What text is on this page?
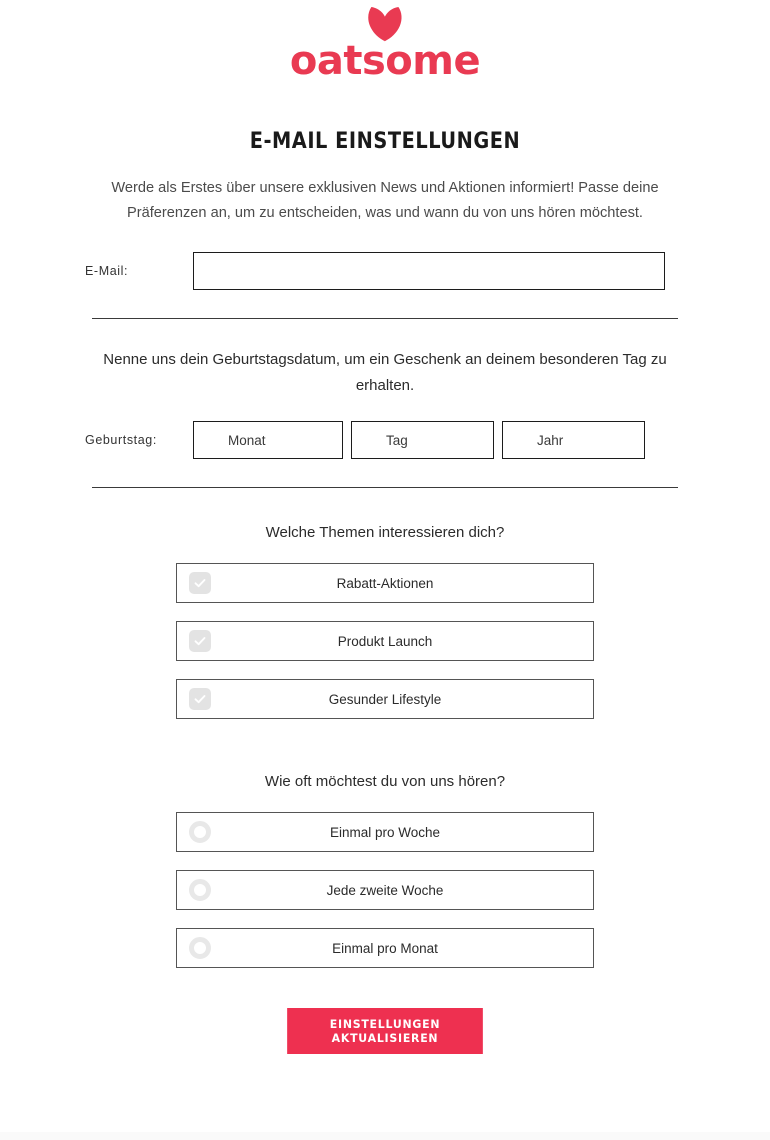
oatsome
E-MAIL EINSTELLUNGEN
Werde als Erstes über unsere exklusiven News und Aktionen informiert! Passe deine Präferenzen an, um zu entscheiden, was und wann du von uns hören möchtest.
E-Mail:
Nenne uns dein Geburtstagsdatum, um ein Geschenk an deinem besonderen Tag zu erhalten.
Geburtstag:	Monat	Tag	Jahr
Welche Themen interessieren dich?
Rabatt-Aktionen
Produkt Launch
Gesunder Lifestyle
Wie oft möchtest du von uns hören?
Einmal pro Woche
Jede zweite Woche
Einmal pro Monat
EINSTELLUNGEN AKTUALISIEREN
